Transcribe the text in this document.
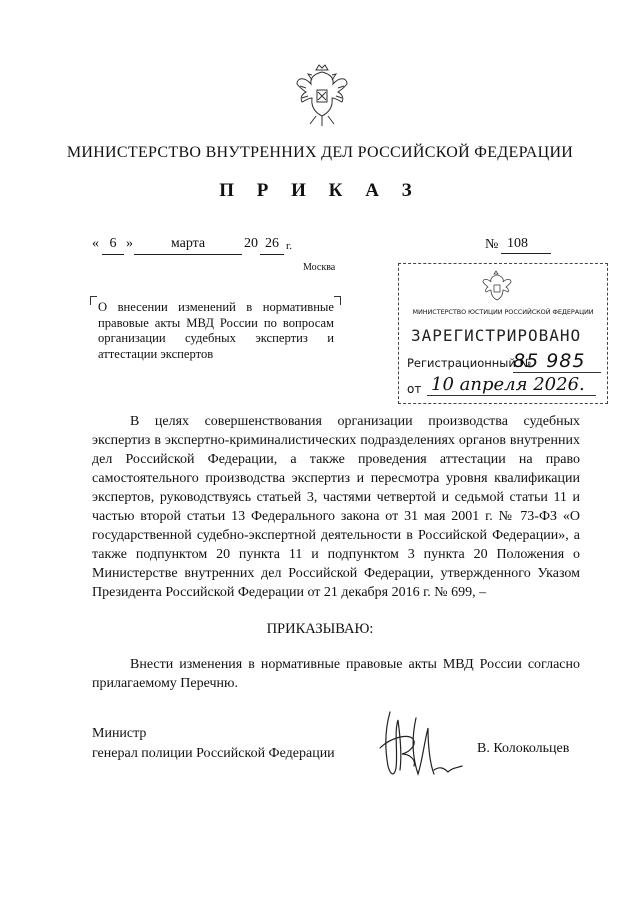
МИНИСТЕРСТВО ВНУТРЕННИХ ДЕЛ РОССИЙСКОЙ ФЕДЕРАЦИИ
П Р И К А З
« 6 »	марта	20 26 г.
Москва
№ 108
О внесении изменений в нормативные правовые акты МВД России по вопросам организации судебных экспертиз и аттестации экспертов
МИНИСТЕРСТВО ЮСТИЦИИ РОССИЙСКОЙ ФЕДЕРАЦИИ
ЗАРЕГИСТРИРОВАНО
Регистрационный №
85 985
от 10 апреля 2026.
В целях совершенствования организации производства судебных экспертиз в экспертно-криминалистических подразделениях органов внутренних дел Российской Федерации, а также проведения аттестации на право самостоятельного производства экспертиз и пересмотра уровня квалификации экспертов, руководствуясь статьей 3, частями четвертой и седьмой статьи 11 и частью второй статьи 13 Федерального закона от 31 мая 2001 г. № 73-ФЗ «О государственной судебно-экспертной деятельности в Российской Федерации», а также подпунктом 20 пункта 11 и подпунктом 3 пункта 20 Положения о Министерстве внутренних дел Российской Федерации, утвержденного Указом Президента Российской Федерации от 21 декабря 2016 г. № 699, –
ПРИКАЗЫВАЮ:
Внести изменения в нормативные правовые акты МВД России согласно прилагаемому Перечню.
Министр
генерал полиции Российской Федерации	В. Колокольцев
